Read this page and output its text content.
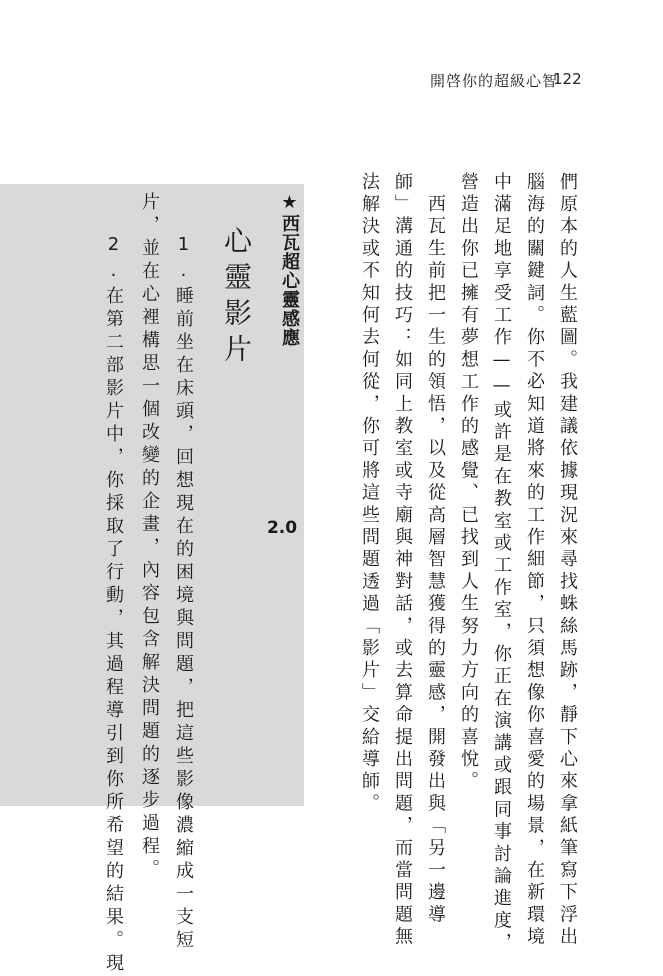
開啓你的超級心智
122
們原本的人生藍圖。我建議依據現況來尋找蛛絲馬跡，靜下心來拿紙筆寫下浮出
腦海的關鍵詞。你不必知道將來的工作細節，只須想像你喜愛的場景，在新環境
中滿足地享受工作——或許是在教室或工作室，你正在演講或跟同事討論進度，
營造出你已擁有夢想工作的感覺、已找到人生努力方向的喜悅。
　西瓦生前把一生的領悟，以及從高層智慧獲得的靈感，開發出與「另一邊導
師」溝通的技巧：如同上教室或寺廟與神對話，或去算命提出問題，而當問題無
法解決或不知何去何從，你可將這些問題透過「影片」交給導師。
★西瓦超心靈感應
2.0
心靈影片
1.睡前坐在床頭，回想現在的困境與問題，把這些影像濃縮成一支短
片，並在心裡構思一個改變的企畫，內容包含解決問題的逐步過程。
2.在第二部影片中，你採取了行動，其過程導引到你所希望的結果。現
